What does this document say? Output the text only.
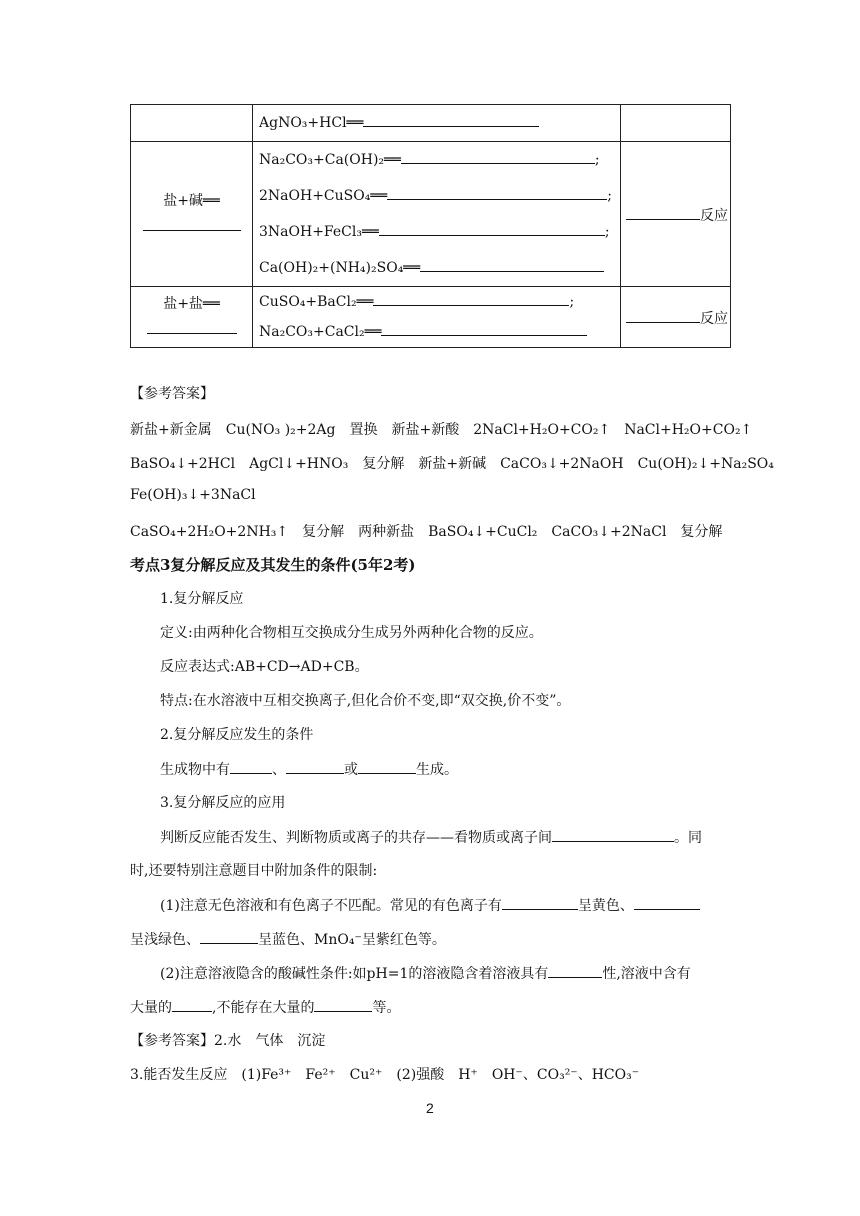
	AgNO₃+HCl══	

盐+碱══	Na₂CO₃+Ca(OH)₂══ ;
2NaOH+CuSO₄══ ;
3NaOH+FeCl₃══ ;
Ca(OH)₂+(NH₄)₂SO₄══	反应

盐+盐══	CuSO₄+BaCl₂══ ;
Na₂CO₃+CaCl₂══	反应
【参考答案】
新盐+新金属　Cu(NO₃ )₂+2Ag　置换　新盐+新酸　2NaCl+H₂O+CO₂↑　NaCl+H₂O+CO₂↑
BaSO₄↓+2HCl　AgCl↓+HNO₃　复分解　新盐+新碱　CaCO₃↓+2NaOH　Cu(OH)₂↓+Na₂SO₄
Fe(OH)₃↓+3NaCl
CaSO₄+2H₂O+2NH₃↑　复分解　两种新盐　BaSO₄↓+CuCl₂　CaCO₃↓+2NaCl　复分解
考点3复分解反应及其发生的条件(5年2考)
1.复分解反应
定义:由两种化合物相互交换成分生成另外两种化合物的反应。
反应表达式:AB+CD→AD+CB。
特点:在水溶液中互相交换离子,但化合价不变,即“双交换,价不变”。
2.复分解反应发生的条件
生成物中有	、	或	生成。
3.复分解反应的应用
判断反应能否发生、判断物质或离子的共存——看物质或离子间	。同
时,还要特别注意题目中附加条件的限制:
(1)注意无色溶液和有色离子不匹配。常见的有色离子有	呈黄色、
呈浅绿色、	呈蓝色、MnO₄⁻呈紫红色等。
(2)注意溶液隐含的酸碱性条件:如pH=1的溶液隐含着溶液具有	性,溶液中含有
大量的	,不能存在大量的	等。
【参考答案】2.水　气体　沉淀
3.能否发生反应　(1)Fe³⁺　Fe²⁺　Cu²⁺　(2)强酸　H⁺　OH⁻、CO₃²⁻、HCO₃⁻
2
